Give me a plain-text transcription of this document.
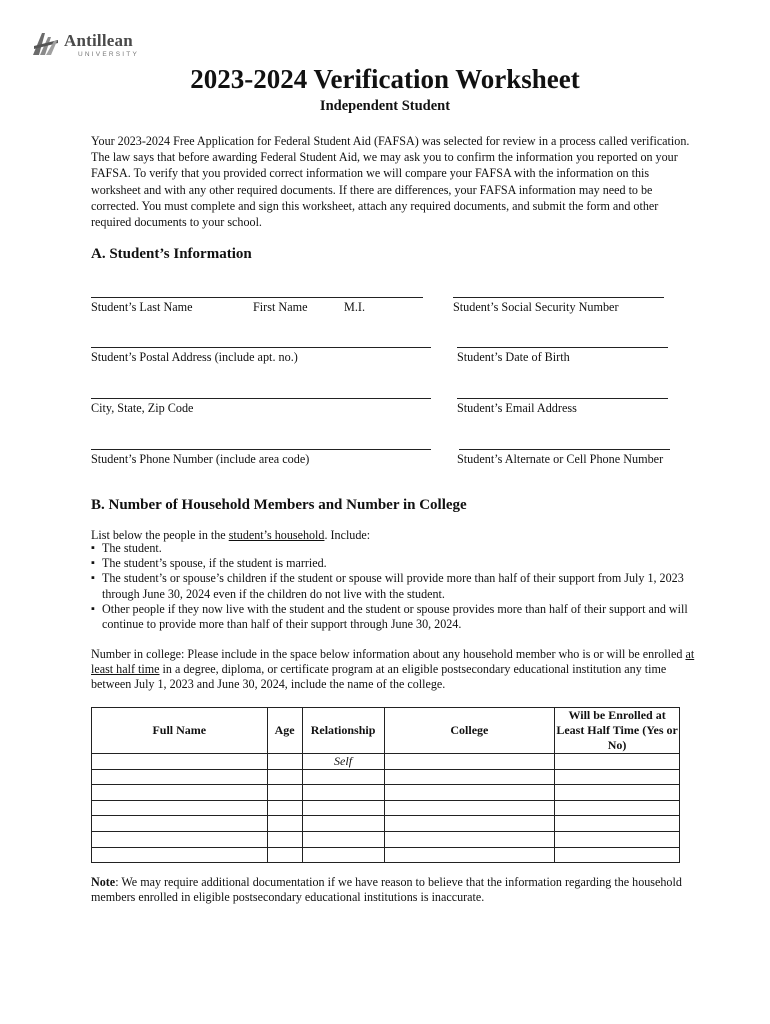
Antillean
UNIVERSITY
2023-2024 Verification Worksheet
Independent Student
Your 2023-2024 Free Application for Federal Student Aid (FAFSA) was selected for review in a process called verification. The law says that before awarding Federal Student Aid, we may ask you to confirm the information you reported on your FAFSA. To verify that you provided correct information we will compare your FAFSA with the information on this worksheet and with any other required documents. If there are differences, your FAFSA information may need to be corrected. You must complete and sign this worksheet, attach any required documents, and submit the form and other required documents to your school.
A. Student’s Information
Student’s Last Name	First Name	M.I.	Student’s Social Security Number
Student’s Postal Address (include apt. no.)	Student’s Date of Birth
City, State, Zip Code	Student’s Email Address
Student’s Phone Number (include area code)	Student’s Alternate or Cell Phone Number
B. Number of Household Members and Number in College
List below the people in the student’s household. Include:
▪ The student.
▪ The student’s spouse, if the student is married.
▪ The student’s or spouse’s children if the student or spouse will provide more than half of their support from July 1, 2023 through June 30, 2024 even if the children do not live with the student.
▪ Other people if they now live with the student and the student or spouse provides more than half of their support and will continue to provide more than half of their support through June 30, 2024.
Number in college: Please include in the space below information about any household member who is or will be enrolled at least half time in a degree, diploma, or certificate program at an eligible postsecondary educational institution any time between July 1, 2023 and June 30, 2024, include the name of the college.
Full Name	Age	Relationship	College	Will be Enrolled at Least Half Time (Yes or No)
		Self		

Note: We may require additional documentation if we have reason to believe that the information regarding the household members enrolled in eligible postsecondary educational institutions is inaccurate.
